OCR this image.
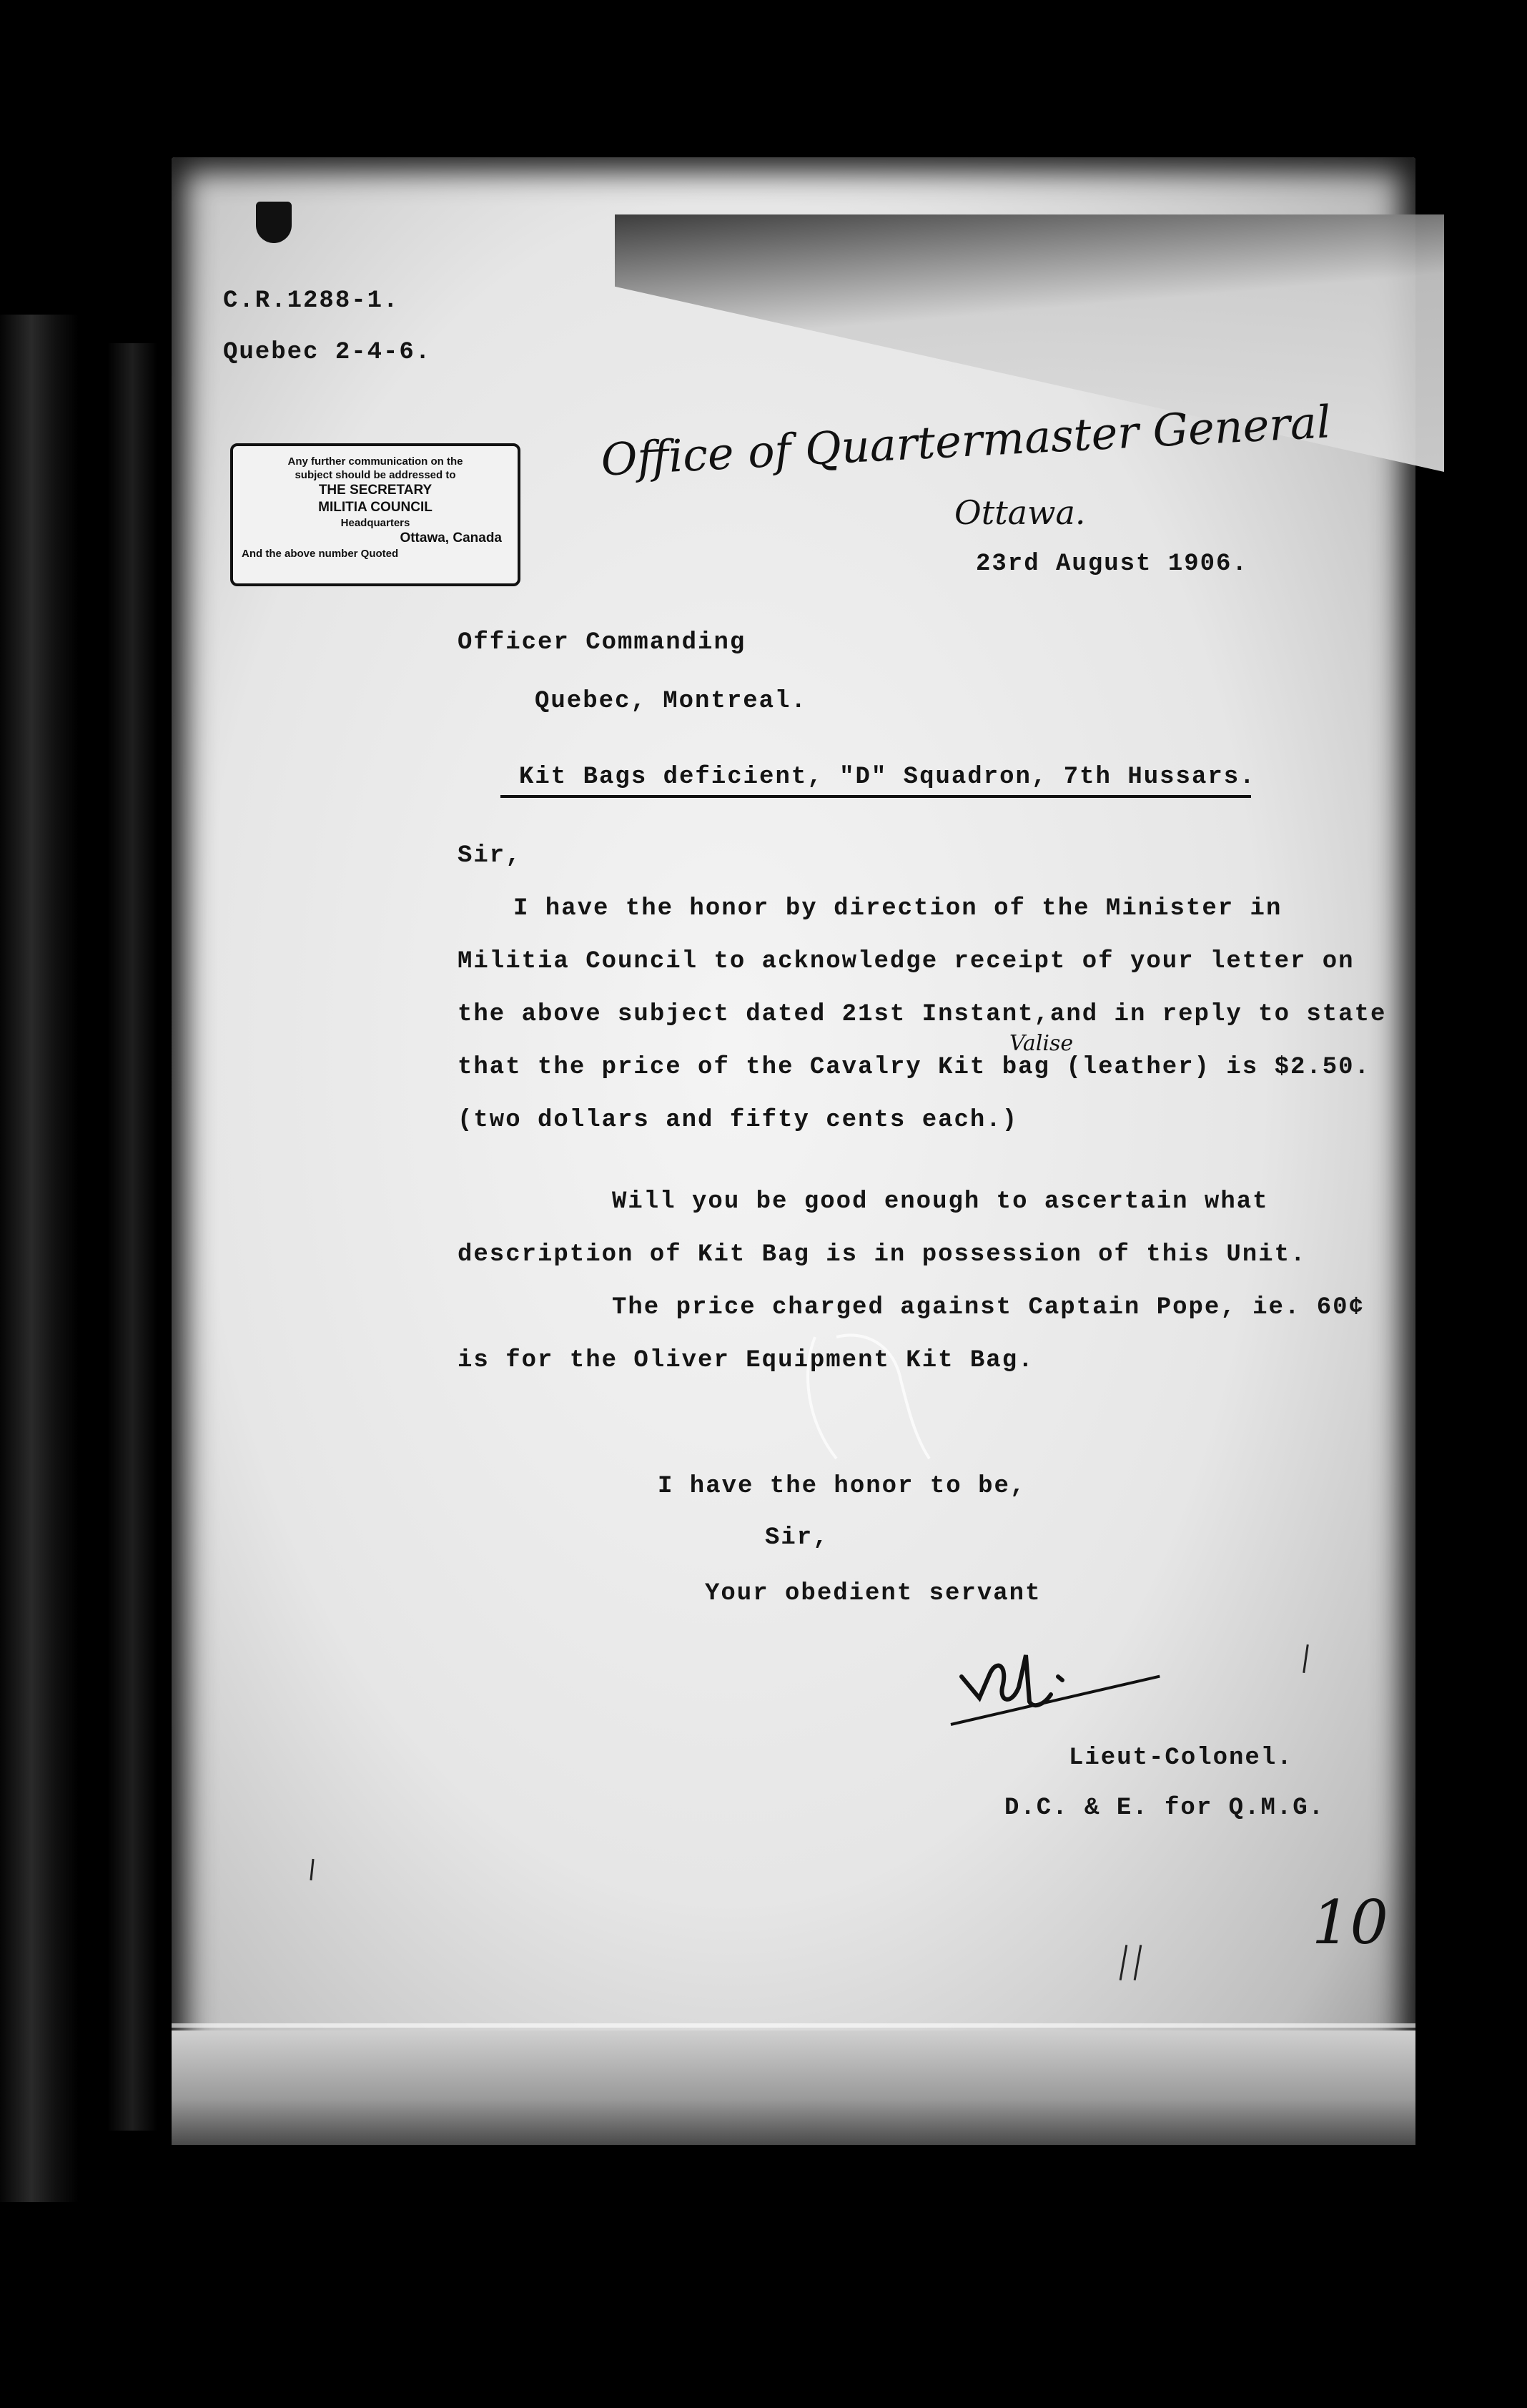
C.R.1288-1.
Quebec 2-4-6.
Any further communication on the
subject should be addressed to
THE SECRETARY
MILITIA COUNCIL
Headquarters
Ottawa, Canada
And the above number Quoted
Office of Quartermaster General
Ottawa.
23rd August 1906.
Officer Commanding
Quebec, Montreal.
Kit Bags deficient, "D" Squadron, 7th Hussars.
Sir,
I have the honor by direction of the Minister in
Militia Council to acknowledge receipt of your letter on
the above subject dated 21st Instant,and in reply to state
Valise
that the price of the Cavalry Kit bag (leather) is $2.50.
(two dollars and fifty cents each.)
Will you be good enough to ascertain what
description of Kit Bag is in possession of this Unit.
The price charged against Captain Pope, ie. 60¢
is for the Oliver Equipment Kit Bag.
I have the honor to be,
Sir,
Your obedient servant
Lieut-Colonel.
D.C. & E. for Q.M.G.
10
